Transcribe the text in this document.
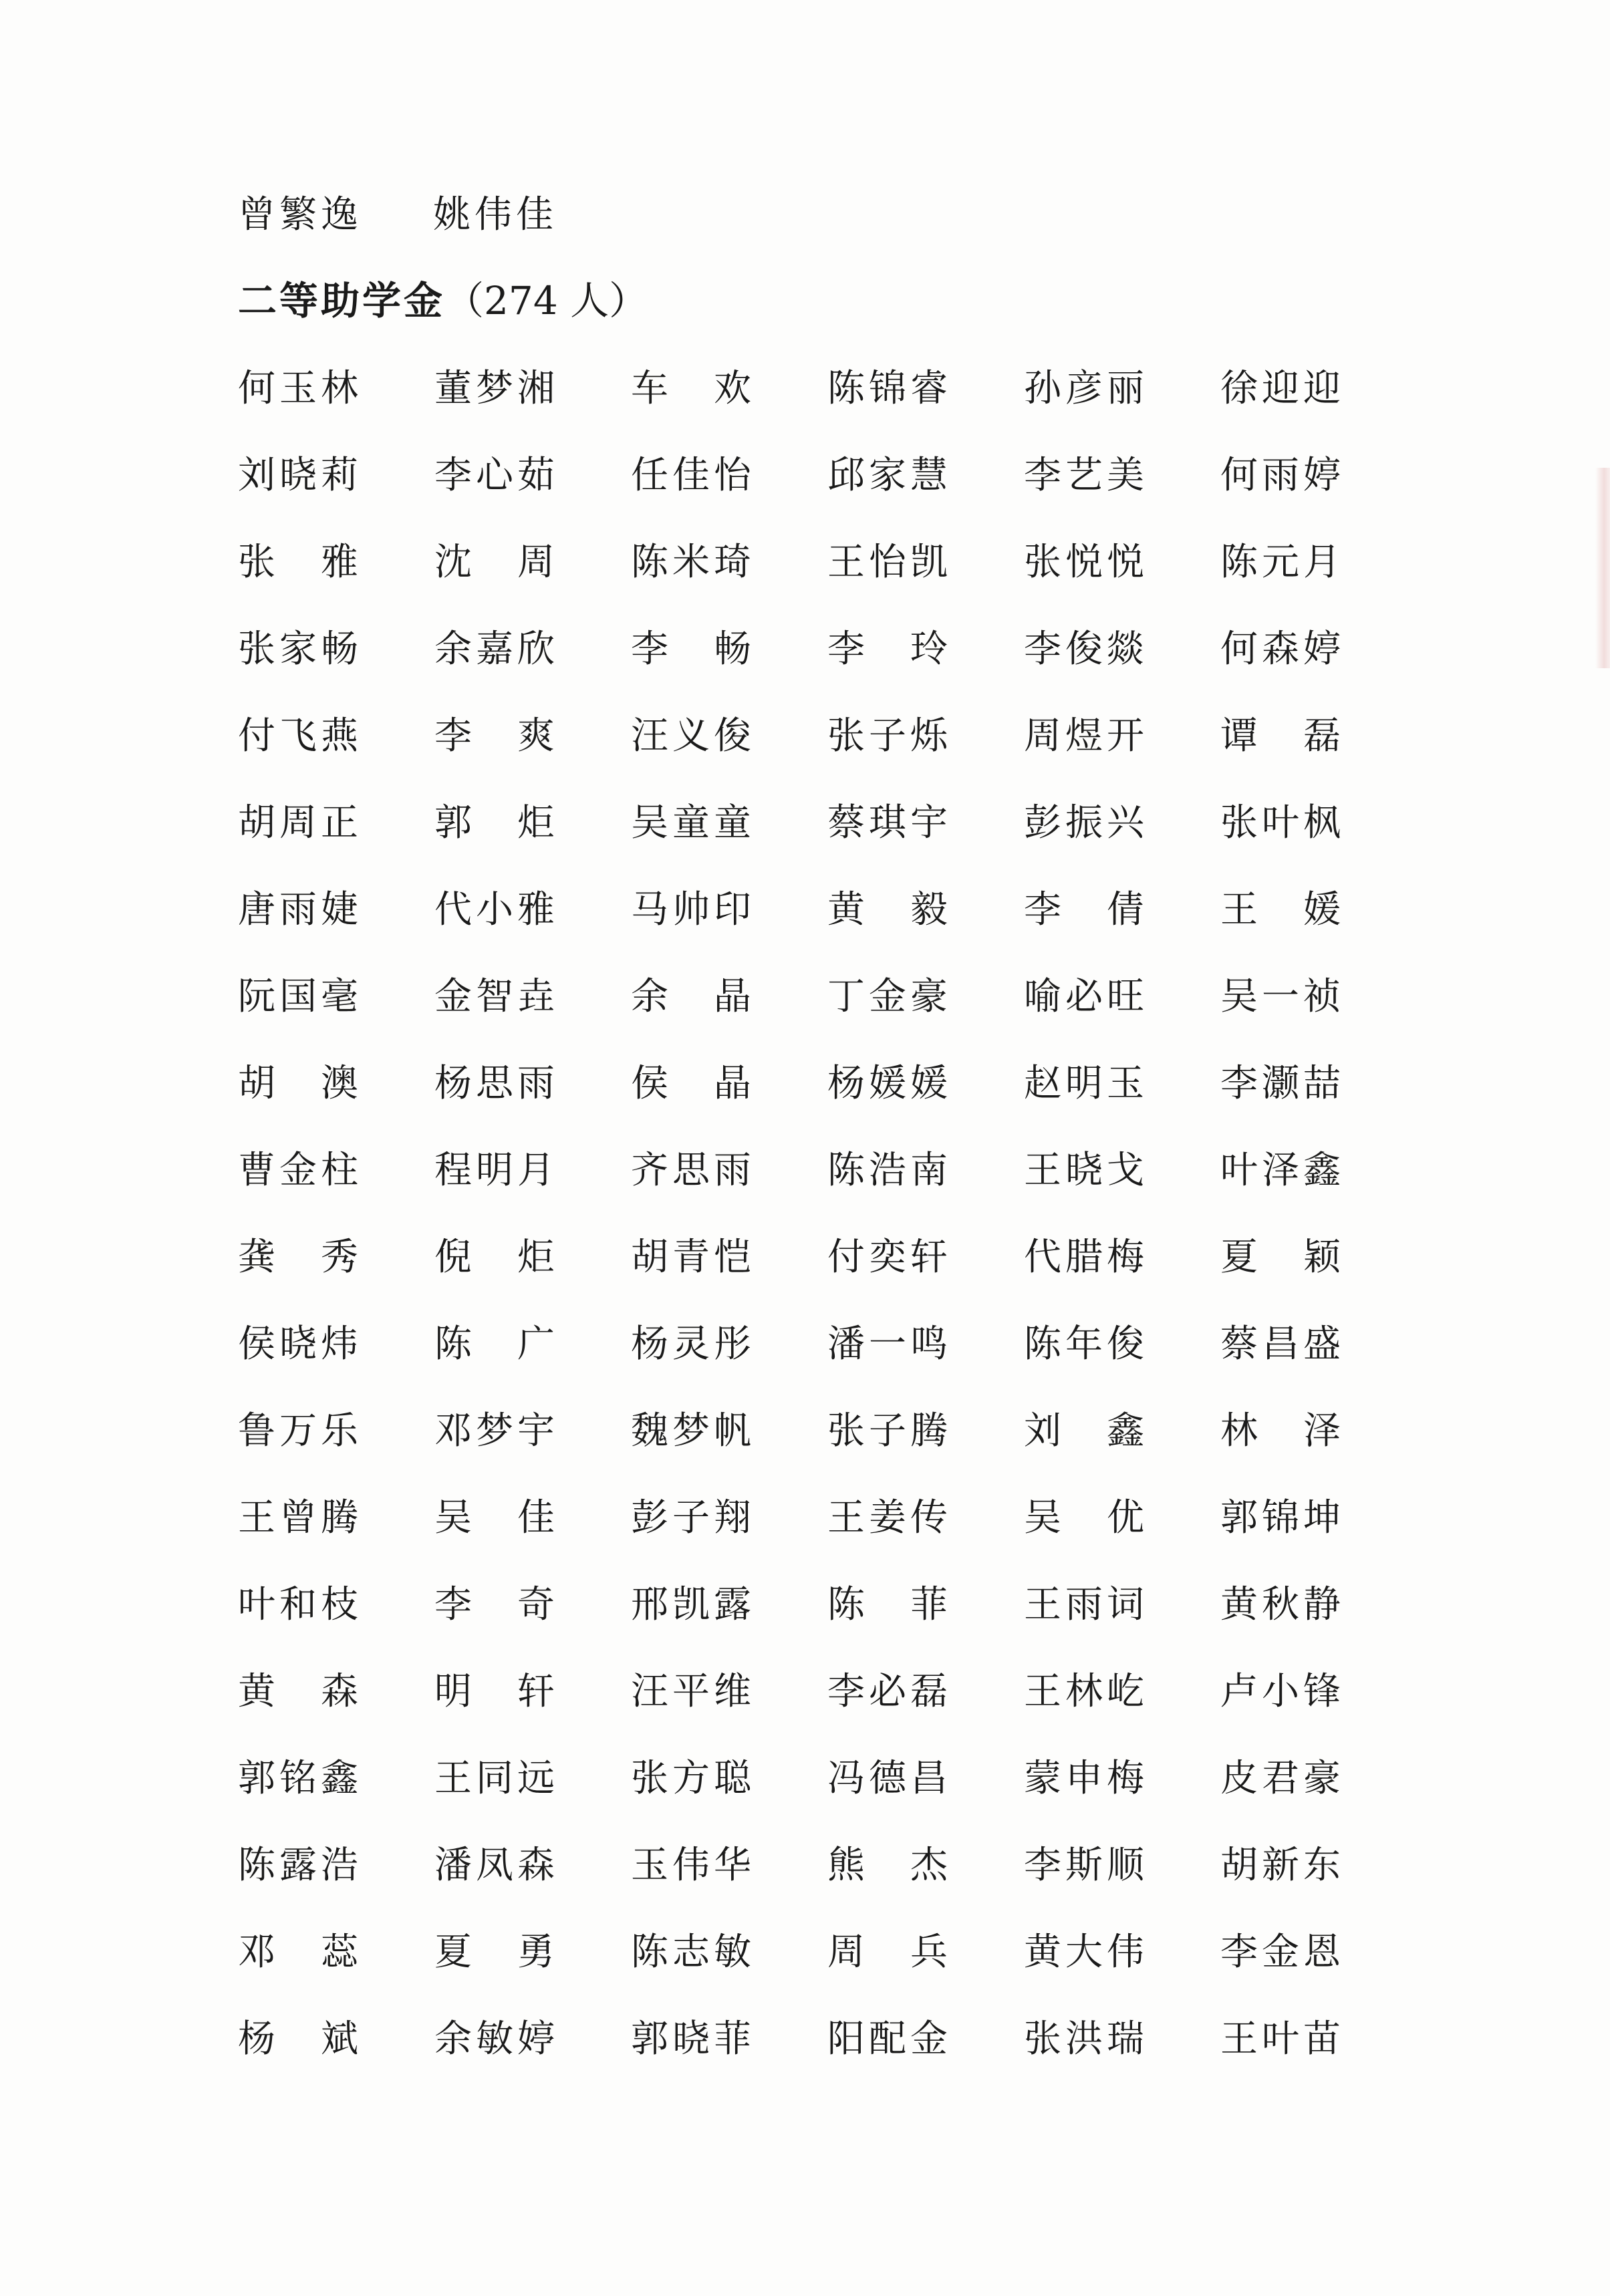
曾繁逸	姚伟佳
二等助学金（274 人）
何玉林	董梦湘	车　欢	陈锦睿	孙彦丽	徐迎迎
刘晓莉	李心茹	任佳怡	邱家慧	李艺美	何雨婷
张　雅	沈　周	陈米琦	王怡凯	张悦悦	陈元月
张家畅	余嘉欣	李　畅	李　玲	李俊燚	何森婷
付飞燕	李　爽	汪义俊	张子烁	周煜开	谭　磊
胡周正	郭　炬	吴童童	蔡琪宇	彭振兴	张叶枫
唐雨婕	代小雅	马帅印	黄　毅	李　倩	王　媛
阮国毫	金智垚	余　晶	丁金豪	喻必旺	吴一祯
胡　澳	杨思雨	侯　晶	杨媛媛	赵明玉	李灏喆
曹金柱	程明月	齐思雨	陈浩南	王晓戈	叶泽鑫
龚　秀	倪　炬	胡青恺	付奕轩	代腊梅	夏　颖
侯晓炜	陈　广	杨灵彤	潘一鸣	陈年俊	蔡昌盛
鲁万乐	邓梦宇	魏梦帆	张子腾	刘　鑫	林　泽
王曾腾	吴　佳	彭子翔	王姜传	吴　优	郭锦坤
叶和枝	李　奇	邢凯露	陈　菲	王雨词	黄秋静
黄　森	明　轩	汪平维	李必磊	王林屹	卢小锋
郭铭鑫	王同远	张方聪	冯德昌	蒙申梅	皮君豪
陈露浩	潘凤森	玉伟华	熊　杰	李斯顺	胡新东
邓　蕊	夏　勇	陈志敏	周　兵	黄大伟	李金恩
杨　斌	余敏婷	郭晓菲	阳配金	张洪瑞	王叶苗
